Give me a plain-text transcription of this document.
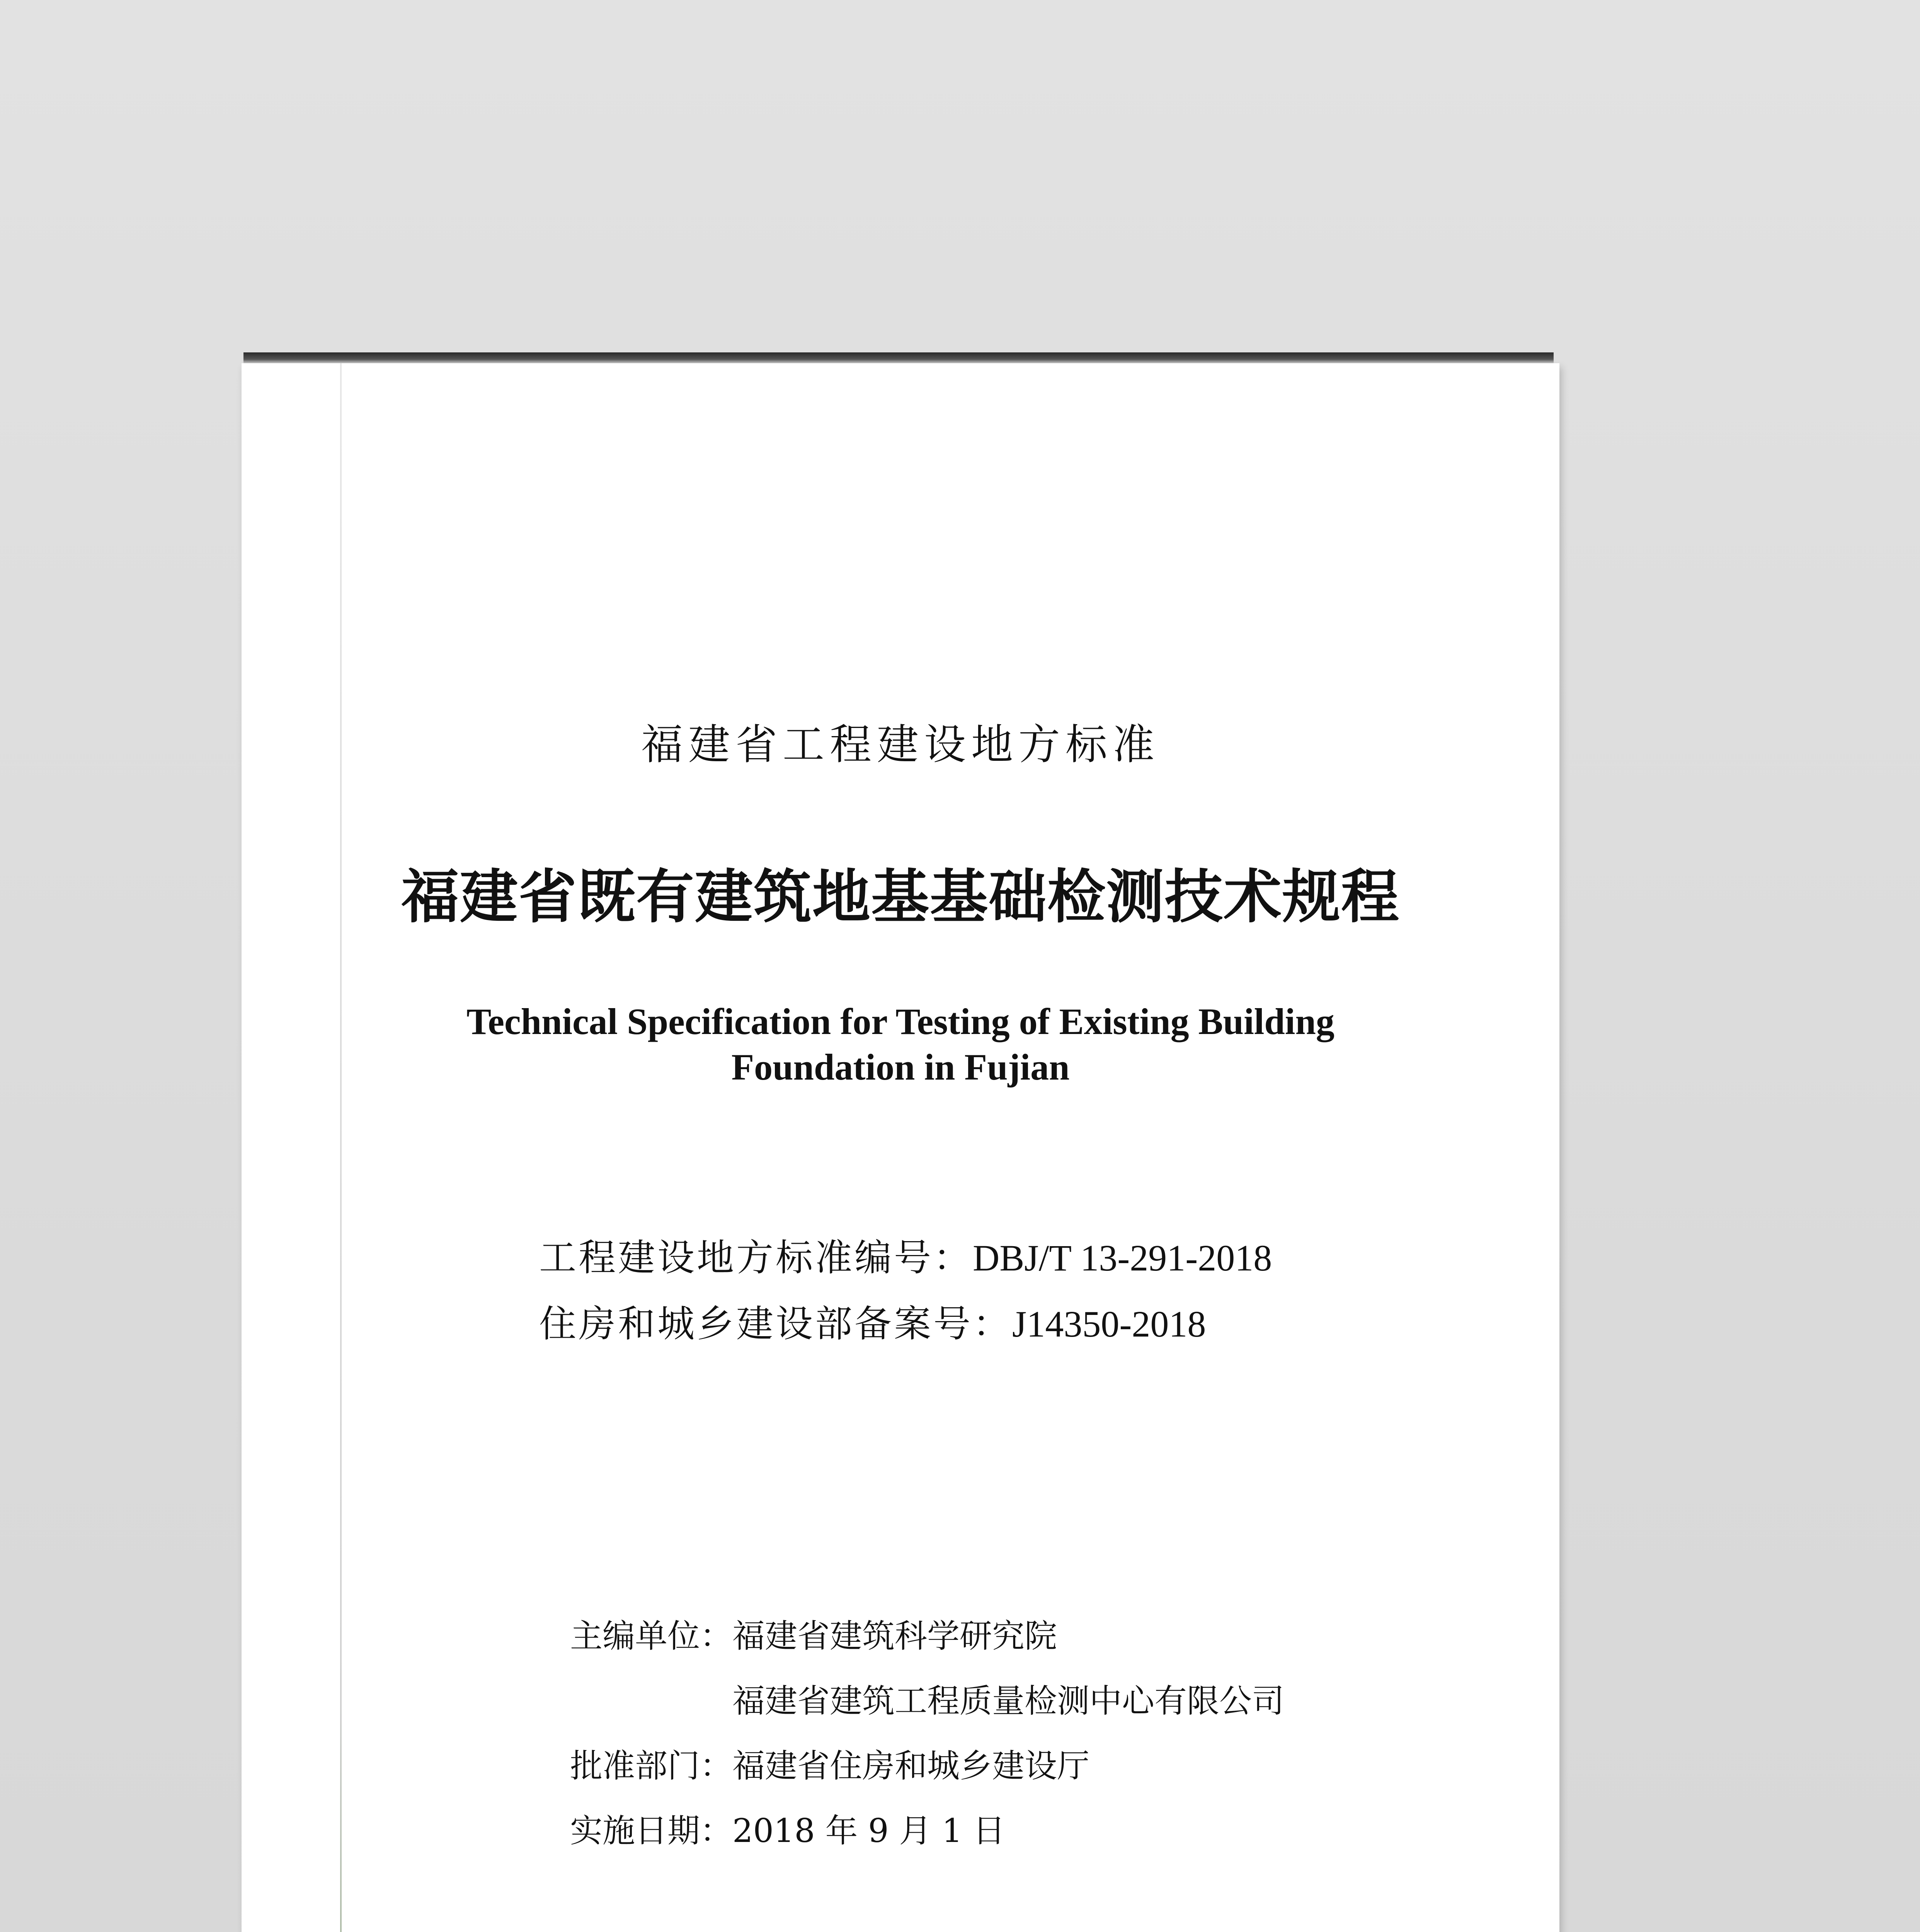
福建省工程建设地方标准
福建省既有建筑地基基础检测技术规程
Technical Specification for Testing of Existing Building
Foundation in Fujian
工程建设地方标准编号：DBJ/T 13-291-2018
住房和城乡建设部备案号：J14350-2018
主编单位：福建省建筑科学研究院
福建省建筑工程质量检测中心有限公司
批准部门：福建省住房和城乡建设厅
实施日期：2018 年 9 月 1 日
